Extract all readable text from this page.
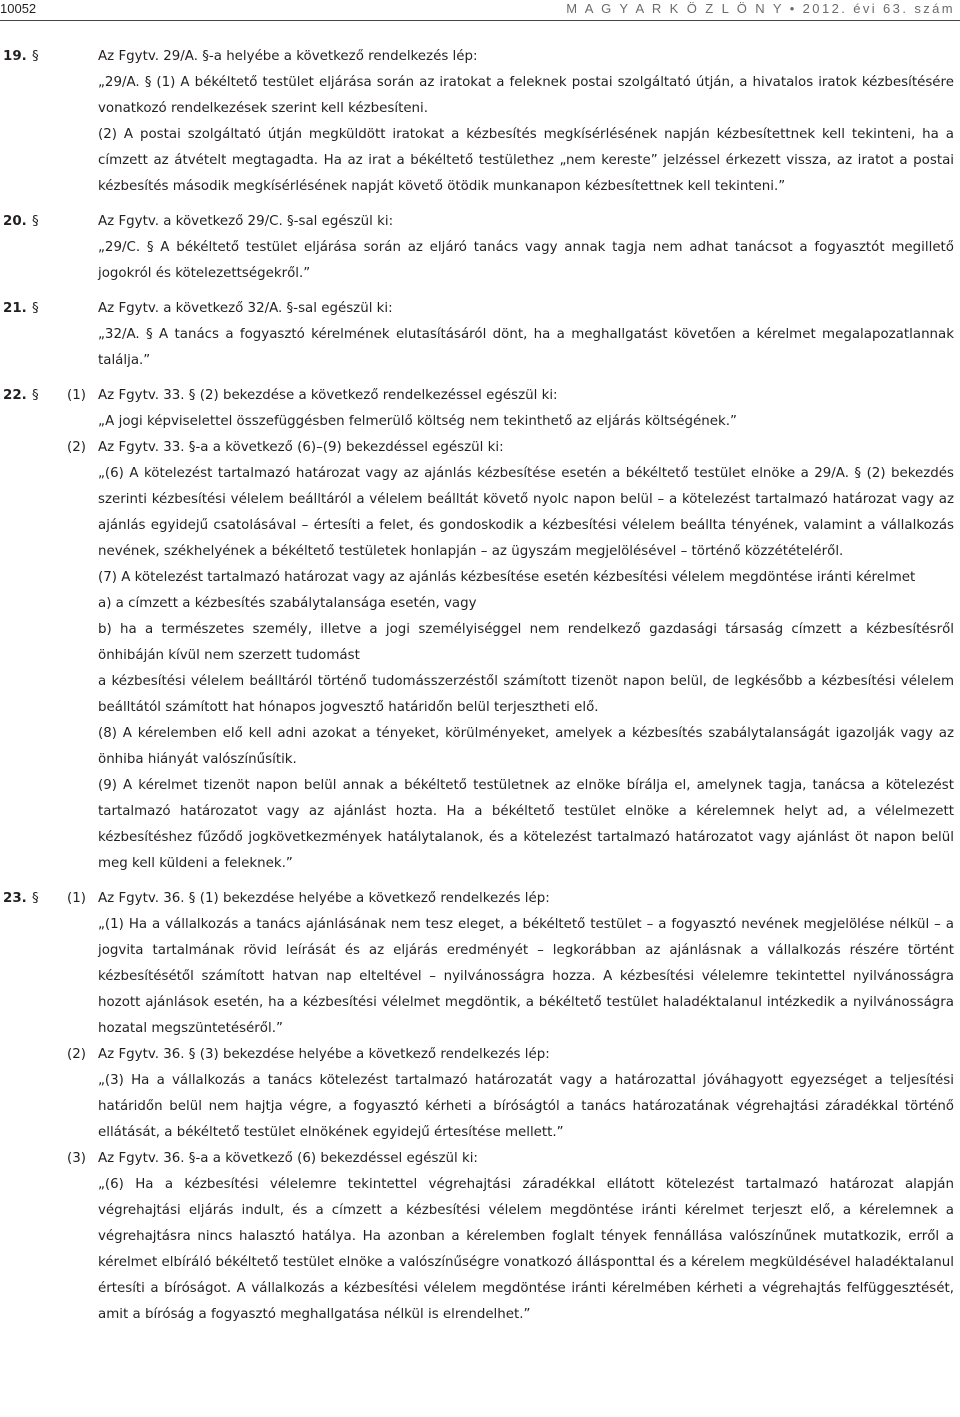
10052	M A G Y A R K Ö Z L Ö N Y • 2012. évi 63. szám
19. §	Az Fgytv. 29/A. §-a helyébe a következő rendelkezés lép:

„29/A. § (1) A békéltető testület eljárása során az iratokat a feleknek postai szolgáltató útján, a hivatalos iratok kézbesítésére vonatkozó rendelkezések szerint kell kézbesíteni.

(2) A postai szolgáltató útján megküldött iratokat a kézbesítés megkísérlésének napján kézbesítettnek kell tekinteni, ha a címzett az átvételt megtagadta. Ha az irat a békéltető testülethez „nem kereste” jelzéssel érkezett vissza, az iratot a postai kézbesítés második megkísérlésének napját követő ötödik munkanapon kézbesítettnek kell tekinteni.”

20. §	Az Fgytv. a következő 29/C. §-sal egészül ki:

„29/C. § A békéltető testület eljárása során az eljáró tanács vagy annak tagja nem adhat tanácsot a fogyasztót megillető jogokról és kötelezettségekről.”

21. §	Az Fgytv. a következő 32/A. §-sal egészül ki:

„32/A. § A tanács a fogyasztó kérelmének elutasításáról dönt, ha a meghallgatást követően a kérelmet megalapozatlannak találja.”

22. § (1) Az Fgytv. 33. § (2) bekezdése a következő rendelkezéssel egészül ki:

„A jogi képviselettel összefüggésben felmerülő költség nem tekinthető az eljárás költségének.”

(2) Az Fgytv. 33. §-a a következő (6)–(9) bekezdéssel egészül ki:

„(6) A kötelezést tartalmazó határozat vagy az ajánlás kézbesítése esetén a békéltető testület elnöke a 29/A. § (2) bekezdés szerinti kézbesítési vélelem beálltáról a vélelem beálltát követő nyolc napon belül – a kötelezést tartalmazó határozat vagy az ajánlás egyidejű csatolásával – értesíti a felet, és gondoskodik a kézbesítési vélelem beállta tényének, valamint a vállalkozás nevének, székhelyének a békéltető testületek honlapján – az ügyszám megjelölésével – történő közzétételéről.

(7) A kötelezést tartalmazó határozat vagy az ajánlás kézbesítése esetén kézbesítési vélelem megdöntése iránti kérelmet

a) a címzett a kézbesítés szabálytalansága esetén, vagy

b) ha a természetes személy, illetve a jogi személyiséggel nem rendelkező gazdasági társaság címzett a kézbesítésről önhibáján kívül nem szerzett tudomást

a kézbesítési vélelem beálltáról történő tudomásszerzéstől számított tizenöt napon belül, de legkésőbb a kézbesítési vélelem beálltától számított hat hónapos jogvesztő határidőn belül terjesztheti elő.

(8) A kérelemben elő kell adni azokat a tényeket, körülményeket, amelyek a kézbesítés szabálytalanságát igazolják vagy az önhiba hiányát valószínűsítik.

(9) A kérelmet tizenöt napon belül annak a békéltető testületnek az elnöke bírálja el, amelynek tagja, tanácsa a kötelezést tartalmazó határozatot vagy az ajánlást hozta. Ha a békéltető testület elnöke a kérelemnek helyt ad, a vélelmezett kézbesítéshez fűződő jogkövetkezmények hatálytalanok, és a kötelezést tartalmazó határozatot vagy ajánlást öt napon belül meg kell küldeni a feleknek.”

23. § (1) Az Fgytv. 36. § (1) bekezdése helyébe a következő rendelkezés lép:

„(1) Ha a vállalkozás a tanács ajánlásának nem tesz eleget, a békéltető testület – a fogyasztó nevének megjelölése nélkül – a jogvita tartalmának rövid leírását és az eljárás eredményét – legkorábban az ajánlásnak a vállalkozás részére történt kézbesítésétől számított hatvan nap elteltével – nyilvánosságra hozza. A kézbesítési vélelemre tekintettel nyilvánosságra hozott ajánlások esetén, ha a kézbesítési vélelmet megdöntik, a békéltető testület haladéktalanul intézkedik a nyilvánosságra hozatal megszüntetéséről.”

(2) Az Fgytv. 36. § (3) bekezdése helyébe a következő rendelkezés lép:

„(3) Ha a vállalkozás a tanács kötelezést tartalmazó határozatát vagy a határozattal jóváhagyott egyezséget a teljesítési határidőn belül nem hajtja végre, a fogyasztó kérheti a bíróságtól a tanács határozatának végrehajtási záradékkal történő ellátását, a békéltető testület elnökének egyidejű értesítése mellett.”

(3) Az Fgytv. 36. §-a a következő (6) bekezdéssel egészül ki:

„(6) Ha a kézbesítési vélelemre tekintettel végrehajtási záradékkal ellátott kötelezést tartalmazó határozat alapján végrehajtási eljárás indult, és a címzett a kézbesítési vélelem megdöntése iránti kérelmet terjeszt elő, a kérelemnek a végrehajtásra nincs halasztó hatálya. Ha azonban a kérelemben foglalt tények fennállása valószínűnek mutatkozik, erről a kérelmet elbíráló békéltető testület elnöke a valószínűségre vonatkozó állásponttal és a kérelem megküldésével haladéktalanul értesíti a bíróságot. A vállalkozás a kézbesítési vélelem megdöntése iránti kérelmében kérheti a végrehajtás felfüggesztését, amit a bíróság a fogyasztó meghallgatása nélkül is elrendelhet.”
